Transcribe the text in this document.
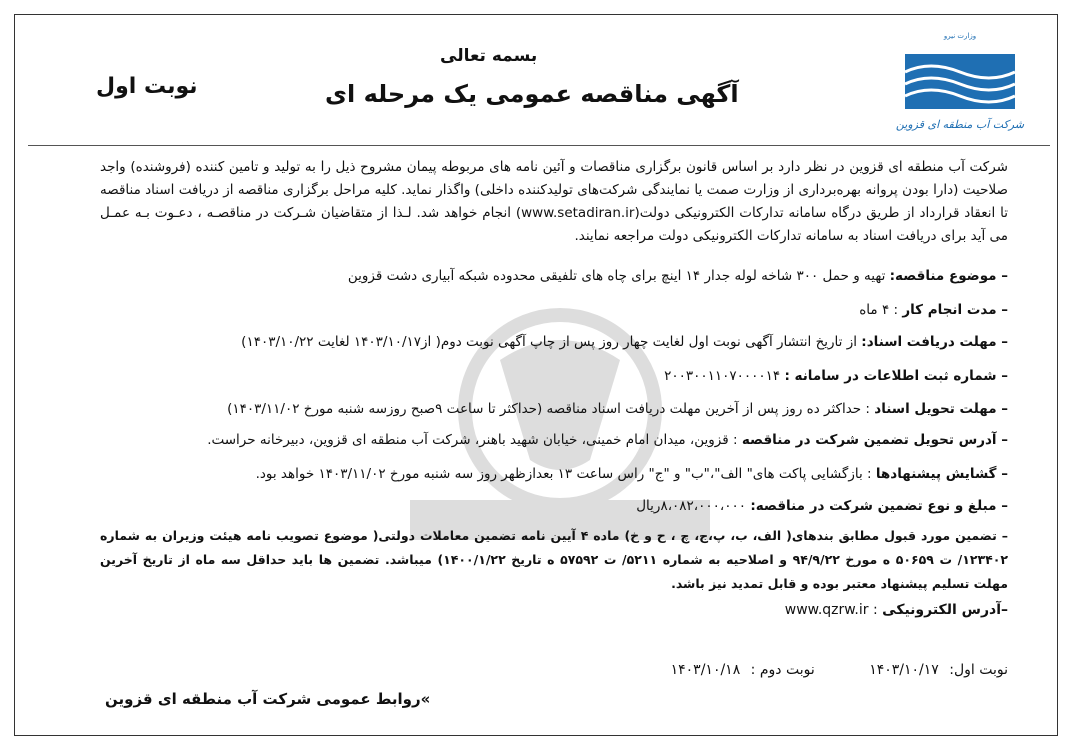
وزارت نیرو
شرکت آب منطقه ای قزوین
بسمه تعالی
آگهی مناقصه عمومی یک مرحله ای
نوبت اول
شرکت آب منطقه ای قزوین در نظر دارد بر اساس قانون برگزاری مناقصات و آئین نامه های مربوطه پیمان مشروح ذیل را به تولید و تامین کننده (فروشنده) واجد صلاحیت (دارا بودن پروانه بهره‌برداری از وزارت صمت یا نمایندگی شرکت‌های تولیدکننده داخلی) واگذار نماید. کلیه مراحل برگزاری مناقصه از دریافت اسناد مناقصه تا انعقاد قرارداد از طریق درگاه سامانه تدارکات الکترونیکی دولت(www.setadiran.ir) انجام خواهد شد. لـذا از متقاضیان شـرکت در مناقصـه ، دعـوت بـه عمـل می آید برای دریافت اسناد به سامانه تدارکات الکترونیکی دولت مراجعه نمایند.
– موضوع مناقصه: تهیه و حمل ۳۰۰ شاخه لوله جدار ۱۴ اینچ برای چاه های تلفیقی محدوده شبکه آبیاری دشت قزوین
– مدت انجام کار : ۴ ماه
– مهلت دریافت اسناد: از تاریخ انتشار آگهی نوبت اول لغایت چهار روز پس از چاپ آگهی نوبت دوم( از۱۴۰۳/۱۰/۱۷ لغایت ۱۴۰۳/۱۰/۲۲)
– شماره ثبت اطلاعات در سامانه : ۲۰۰۳۰۰۱۱۰۷۰۰۰۰۱۴
– مهلت تحویل اسناد : حداکثر ده روز پس از آخرین مهلت دریافت اسناد مناقصه (حداکثر تا ساعت ۹صبح روزسه شنبه مورخ ۱۴۰۳/۱۱/۰۲)
– آدرس تحویل تضمین شرکت در مناقصه : قزوین، میدان امام خمینی، خیابان شهید باهنر، شرکت آب منطقه ای قزوین، دبیرخانه حراست.
– گشایش پیشنهادها : بازگشایی پاکت های" الف"،"ب" و "ج" راس ساعت ۱۳ بعدازظهر روز سه شنبه مورخ ۱۴۰۳/۱۱/۰۲ خواهد بود.
– مبلغ و نوع تضمین شرکت در مناقصه: ۸،۰۸۲،۰۰۰،۰۰۰ریال
– تضمین مورد قبول مطابق بندهای( الف، ب، پ،ج، چ ، ح و خ) ماده ۴ آیین نامه تضمین معاملات دولتی( موضوع تصویب نامه هیئت وزیران به شماره ۱۲۳۴۰۲/ ت ۵۰۶۵۹ ه مورخ ۹۴/۹/۲۲ و اصلاحیه به شماره ۵۲۱۱/ ت ۵۷۵۹۲ ه تاریخ ۱۴۰۰/۱/۲۲) میباشد. تضمین ها باید حداقل سه ماه از تاریخ آخرین مهلت تسلیم پیشنهاد معتبر بوده و قابل تمدید نیز باشد.
–آدرس الکترونیکی : www.qzrw.ir
نوبت اول: ۱۴۰۳/۱۰/۱۷ نوبت دوم : ۱۴۰۳/۱۰/۱۸
»روابط عمومی شرکت آب منطقه ای قزوین
